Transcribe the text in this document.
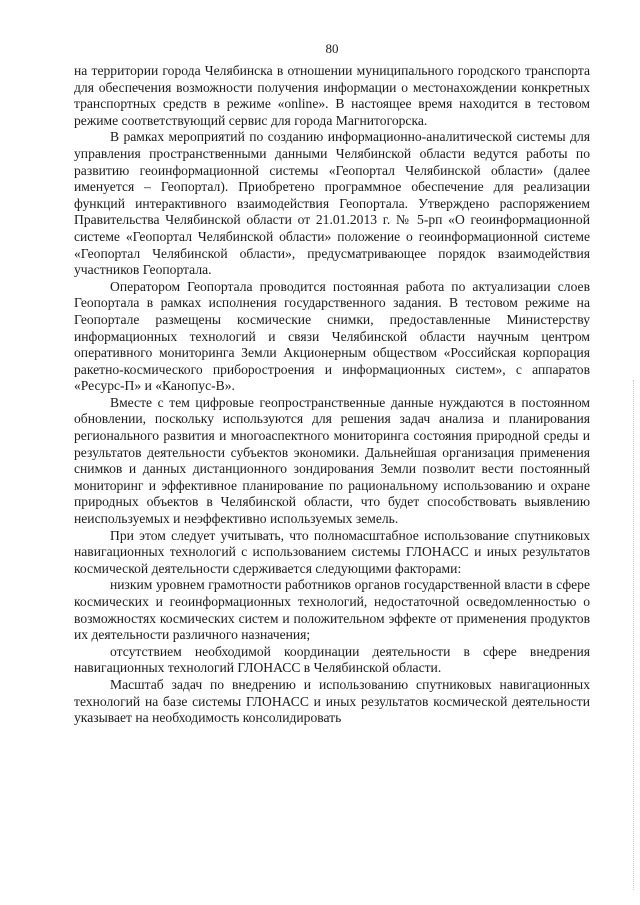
80

на территории города Челябинска в отношении муниципального городского транспорта для обеспечения возможности получения информации о местонахождении конкретных транспортных средств в режиме «online». В настоящее время находится в тестовом режиме соответствующий сервис для города Магнитогорска.

В рамках мероприятий по созданию информационно-аналитической системы для управления пространственными данными Челябинской области ведутся работы по развитию геоинформационной системы «Геопортал Челябинской области» (далее именуется – Геопортал). Приобретено программное обеспечение для реализации функций интерактивного взаимодействия Геопортала. Утверждено распоряжением Правительства Челябинской области от 21.01.2013 г. № 5-рп «О геоинформационной системе «Геопортал Челябинской области» положение о геоинформационной системе «Геопортал Челябинской области», предусматривающее порядок взаимодействия участников Геопортала.

Оператором Геопортала проводится постоянная работа по актуализации слоев Геопортала в рамках исполнения государственного задания. В тестовом режиме на Геопортале размещены космические снимки, предоставленные Министерству информационных технологий и связи Челябинской области научным центром оперативного мониторинга Земли Акционерным обществом «Российская корпорация ракетно-космического приборостроения и информационных систем», с аппаратов «Ресурс-П» и «Канопус-В».

Вместе с тем цифровые геопространственные данные нуждаются в постоянном обновлении, поскольку используются для решения задач анализа и планирования регионального развития и многоаспектного мониторинга состояния природной среды и результатов деятельности субъектов экономики. Дальнейшая организация применения снимков и данных дистанционного зондирования Земли позволит вести постоянный мониторинг и эффективное планирование по рациональному использованию и охране природных объектов в Челябинской области, что будет способствовать выявлению неиспользуемых и неэффективно используемых земель.

При этом следует учитывать, что полномасштабное использование спутниковых навигационных технологий с использованием системы ГЛОНАСС и иных результатов космической деятельности сдерживается следующими факторами:

низким уровнем грамотности работников органов государственной власти в сфере космических и геоинформационных технологий, недостаточной осведомленностью о возможностях космических систем и положительном эффекте от применения продуктов их деятельности различного назначения;

отсутствием необходимой координации деятельности в сфере внедрения навигационных технологий ГЛОНАСС в Челябинской области.

Масштаб задач по внедрению и использованию спутниковых навигационных технологий на базе системы ГЛОНАСС и иных результатов космической деятельности указывает на необходимость консолидировать
